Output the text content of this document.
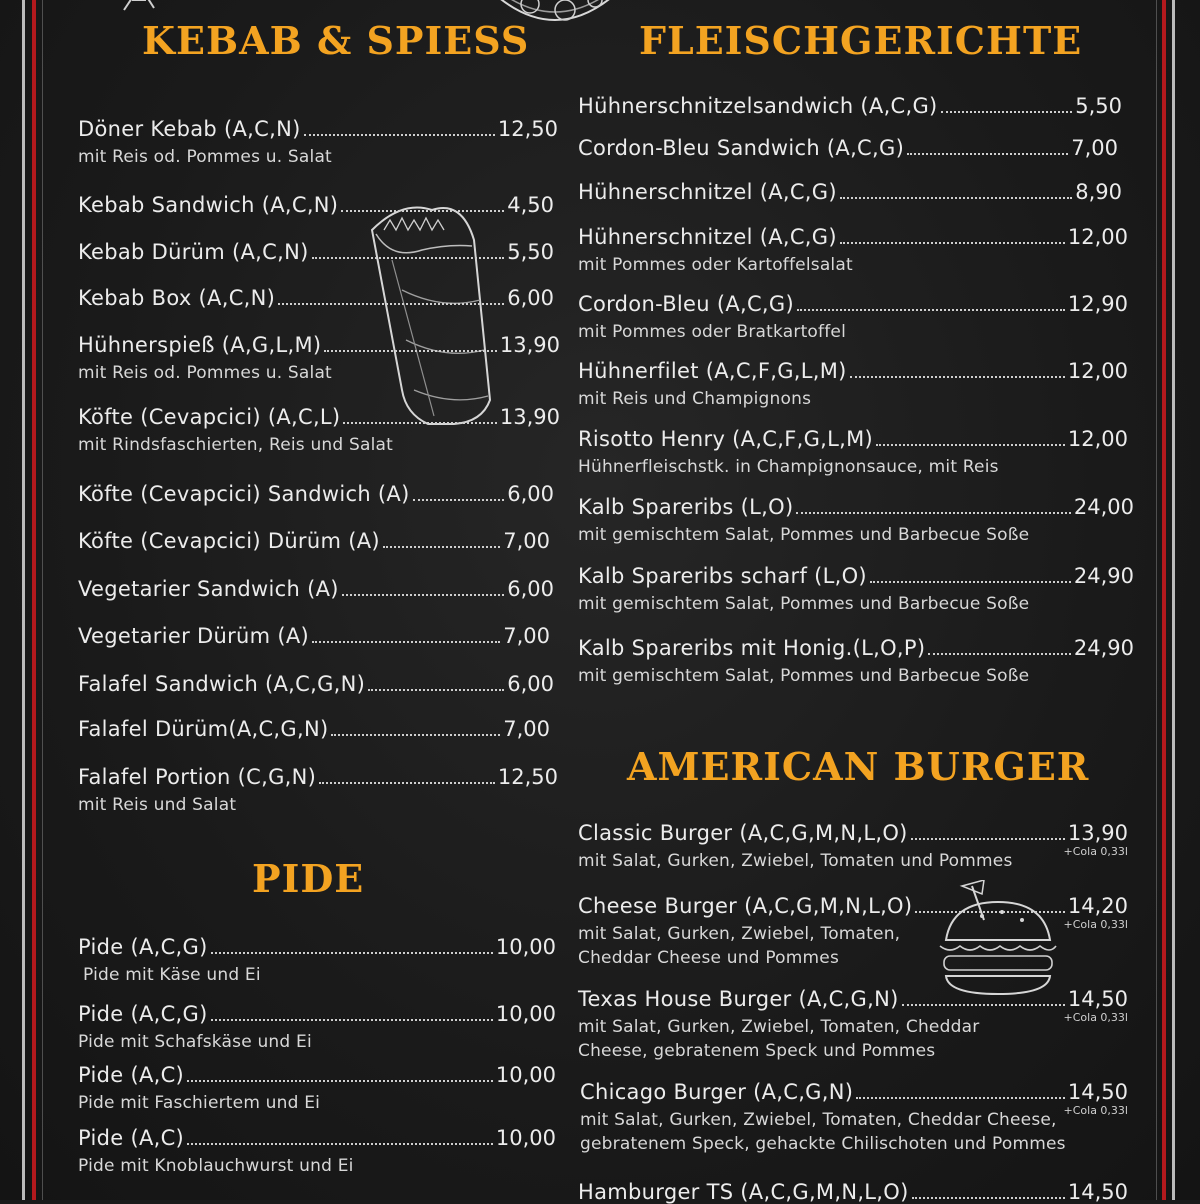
KEBAB & SPIESS
PIDE
FLEISCHGERICHTE
AMERICAN BURGER
Döner Kebab (A,C,N)	12,50
mit Reis od. Pommes u. Salat
Kebab Sandwich (A,C,N)	4,50
Kebab Dürüm (A,C,N)	5,50
Kebab Box (A,C,N)	6,00
Hühnerspieß (A,G,L,M)	13,90
mit Reis od. Pommes u. Salat
Köfte (Cevapcici) (A,C,L)	13,90
mit Rindsfaschierten, Reis und Salat
Köfte (Cevapcici) Sandwich (A)	6,00
Köfte (Cevapcici) Dürüm (A)	7,00
Vegetarier Sandwich (A)	6,00
Vegetarier Dürüm (A)	7,00
Falafel Sandwich (A,C,G,N)	6,00
Falafel Dürüm(A,C,G,N)	7,00
Falafel Portion (C,G,N)	12,50
mit Reis und Salat
Pide (A,C,G)	10,00
Pide mit Käse und Ei
Pide (A,C,G)	10,00
Pide mit Schafskäse und Ei
Pide (A,C)	10,00
Pide mit Faschiertem und Ei
Pide (A,C)	10,00
Pide mit Knoblauchwurst und Ei
Hühnerschnitzelsandwich (A,C,G)	5,50
Cordon-Bleu Sandwich (A,C,G)	7,00
Hühnerschnitzel (A,C,G)	8,90
Hühnerschnitzel (A,C,G)	12,00
mit Pommes oder Kartoffelsalat
Cordon-Bleu (A,C,G)	12,90
mit Pommes oder Bratkartoffel
Hühnerfilet (A,C,F,G,L,M)	12,00
mit Reis und Champignons
Risotto Henry (A,C,F,G,L,M)	12,00
Hühnerfleischstk. in Champignonsauce, mit Reis
Kalb Spareribs (L,O)	24,00
mit gemischtem Salat, Pommes und Barbecue Soße
Kalb Spareribs scharf (L,O)	24,90
mit gemischtem Salat, Pommes und Barbecue Soße
Kalb Spareribs mit Honig.(L,O,P)	24,90
mit gemischtem Salat, Pommes und Barbecue Soße
Classic Burger (A,C,G,M,N,L,O)	13,90
+Cola 0,33l
mit Salat, Gurken, Zwiebel, Tomaten und Pommes
Cheese Burger (A,C,G,M,N,L,O)	14,20
+Cola 0,33l
mit Salat, Gurken, Zwiebel, Tomaten,
Cheddar Cheese und Pommes
Texas House Burger (A,C,G,N)	14,50
+Cola 0,33l
mit Salat, Gurken, Zwiebel, Tomaten, Cheddar
Cheese, gebratenem Speck und Pommes
Chicago Burger (A,C,G,N)	14,50
+Cola 0,33l
mit Salat, Gurken, Zwiebel, Tomaten, Cheddar Cheese,
gebratenem Speck, gehackte Chilischoten und Pommes
Hamburger TS (A,C,G,M,N,L,O)	14,50
